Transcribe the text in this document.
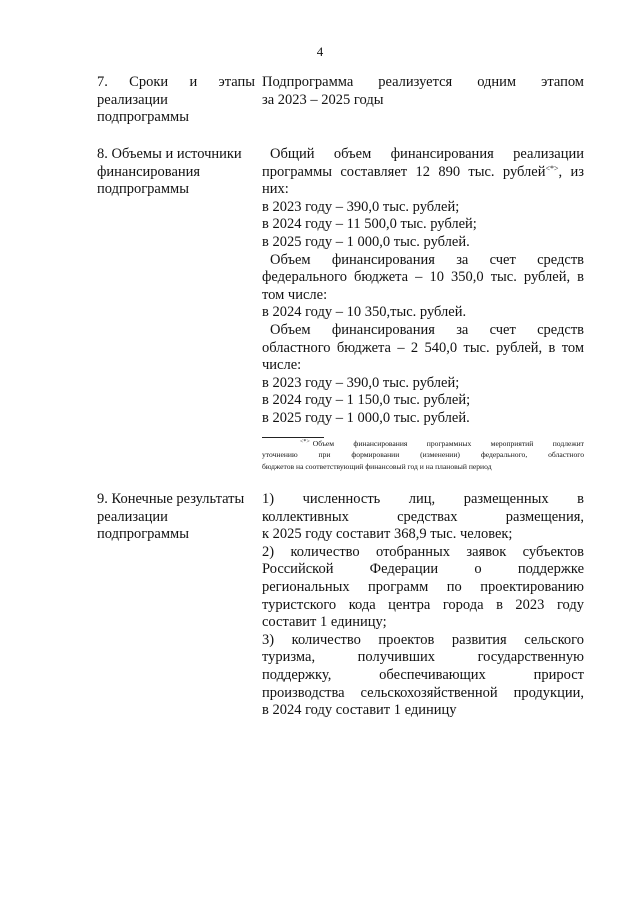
4
7. Сроки и этапы
реализации
подпрограммы
Подпрограмма реализуется одним этапом
за 2023 – 2025 годы
8. Объемы и источники
финансирования
подпрограммы
Общий объем финансирования реализации
программы составляет 12 890 тыс. рублей<*>, из
них:
в 2023 году – 390,0 тыс. рублей;
в 2024 году – 11 500,0 тыс. рублей;
в 2025 году – 1 000,0 тыс. рублей.
Объем финансирования за счет средств
федерального бюджета – 10 350,0 тыс. рублей, в
том числе:
в 2024 году – 10 350,тыс. рублей.
Объем финансирования за счет средств
областного бюджета – 2 540,0 тыс. рублей, в том
числе:
в 2023 году – 390,0 тыс. рублей;
в 2024 году – 1 150,0 тыс. рублей;
в 2025 году – 1 000,0 тыс. рублей.
<*> Объем финансирования программных мероприятий подлежит
уточнению при формировании (изменении) федерального, областного
бюджетов на соответствующий финансовый год и на плановый период
9. Конечные результаты
реализации
подпрограммы
1) численность лиц, размещенных в
коллективных средствах размещения,
к 2025 году составит 368,9 тыс. человек;
2) количество отобранных заявок субъектов
Российской Федерации о поддержке
региональных программ по проектированию
туристского кода центра города в 2023 году
составит 1 единицу;
3) количество проектов развития сельского
туризма, получивших государственную
поддержку, обеспечивающих прирост
производства сельскохозяйственной продукции,
в 2024 году составит 1 единицу
